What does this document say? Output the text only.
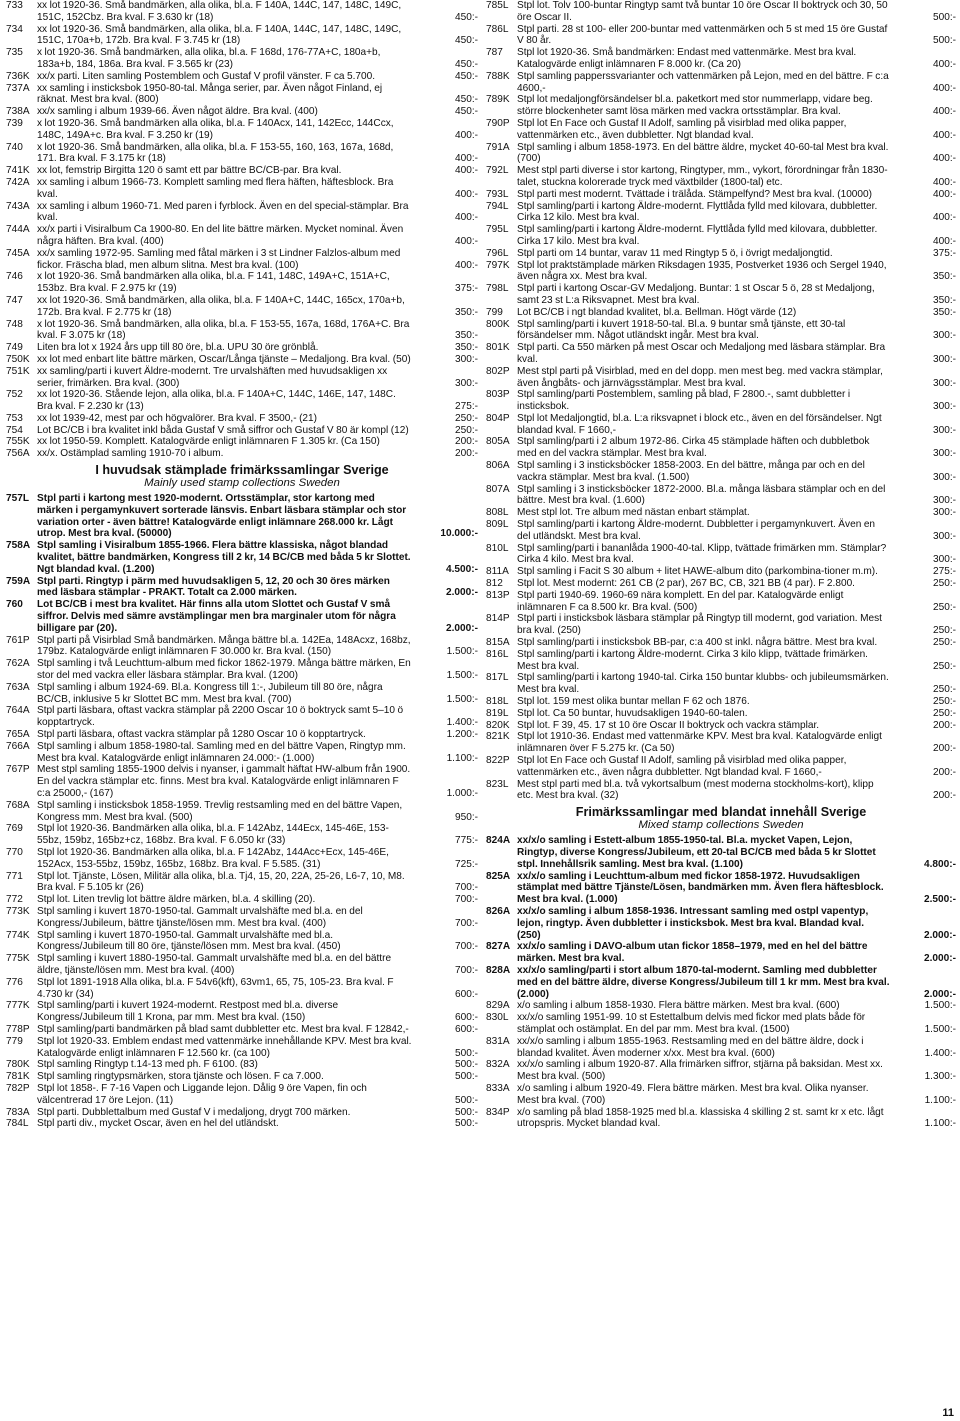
733 xx lot 1920-36. Små bandmärken, alla olika, bl.a. F 140A, 144C, 147, 148C, 149C, 151C, 152Cbz. Bra kval. F 3.630 kr (18)	450:-
734 xx lot 1920-36. Små bandmärken, alla olika, bl.a. F 140A, 144C, 147, 148C, 149C, 151C, 170a+b, 172b. Bra kval. F 3.745 kr (18)	450:-
735 x lot 1920-36. Små bandmärken, alla olika, bl.a. F 168d, 176-77A+C, 180a+b, 183a+b, 184, 186a. Bra kval. F 3.565 kr (23)	450:-
736K xx/x parti. Liten samling Postemblem och Gustaf V profil vänster. F ca 5.700.	450:-
737A xx samling i insticksbok 1950-80-tal. Många serier, par. Även något Finland, ej räknat. Mest bra kval. (800)	450:-
738A xx/x samling i album 1939-66. Även något äldre. Bra kval. (400)	450:-
739 x lot 1920-36. Små bandmärken alla olika, bl.a. F 140Acx, 141, 142Ecc, 144Ccx, 148C, 149A+c. Bra kval. F 3.250 kr (19)	400:-
740 x lot 1920-36. Små bandmärken, alla olika, bl.a. F 153-55, 160, 163, 167a, 168d, 171. Bra kval. F 3.175 kr (18)	400:-
741K xx lot, femstrip Birgitta 120 ö samt ett par bättre BC/CB-par. Bra kval.	400:-
742A xx samling i album 1966-73. Komplett samling med flera häften, häftesblock. Bra kval.	400:-
743A xx samling i album 1960-71. Med paren i fyrblock. Även en del special-stämplar. Bra kval.	400:-
744A xx/x parti i Visiralbum Ca 1900-80. En del lite bättre märken. Mycket nominal. Även några häften. Bra kval. (400)	400:-
745A xx/x samling 1972-95. Samling med fåtal märken i 3 st Lindner Falzlos-album med fickor. Fräscha blad, men album slitna. Mest bra kval. (100)	400:-
746 x lot 1920-36. Små bandmärken alla olika, bl.a. F 141, 148C, 149A+C, 151A+C, 153bz. Bra kval. F 2.975 kr (19)	375:-
747 xx lot 1920-36. Små bandmärken, alla olika, bl.a. F 140A+C, 144C, 165cx, 170a+b, 172b. Bra kval. F 2.775 kr (18)	350:-
748 x lot 1920-36. Små bandmärken, alla olika, bl.a. F 153-55, 167a, 168d, 176A+C. Bra kval. F 3.075 kr (18)	350:-
749 Liten bra lot x 1924 års upp till 80 öre, bl.a. UPU 30 öre grönblå.	350:-
750K xx lot med enbart lite bättre märken, Oscar/Långa tjänste – Medaljong. Bra kval. (50)	300:-
751K xx samling/parti i kuvert Äldre-modernt. Tre urvalshäften med huvudsakligen xx serier, frimärken. Bra kval. (300)	300:-
752 xx lot 1920-36. Stående lejon, alla olika, bl.a. F 140A+C, 144C, 146E, 147, 148C. Bra kval. F 2.230 kr (13)	275:-
753 xx lot 1939-42, mest par och högvalörer. Bra kval. F 3500,- (21)	250:-
754 Lot BC/CB i bra kvalitet inkl båda Gustaf V små siffror och Gustaf V 80 är kompl (12)	250:-
755K xx lot 1950-59. Komplett. Katalogvärde enligt inlämnaren F 1.305 kr. (Ca 150)	200:-
756A xx/x. Ostämplad samling 1910-70 i album.	200:-
I huvudsak stämplade frimärkssamlingar Sverige
Mainly used stamp collections Sweden
757L Stpl parti i kartong mest 1920-modernt. Ortsstämplar, stor kartong med märken i pergamynkuvert sorterade länsvis. Enbart läsbara stämplar och stor variation orter - även bättre! Katalogvärde enligt inlämnare 268.000 kr. Lågt utrop. Mest bra kval. (50000)	10.000:-
758A Stpl samling i Visiralbum 1855-1966. Flera bättre klassiska, något blandad kvalitet, bättre bandmärken, Kongress till 2 kr, 14 BC/CB med båda 5 kr Slottet. Ngt blandad kval. (1.200)	4.500:-
759A Stpl parti. Ringtyp i pärm med huvudsakligen 5, 12, 20 och 30 öres märken med läsbara stämplar - PRAKT. Totalt ca 2.000 märken.	2.000:-
760 Lot BC/CB i mest bra kvalitet. Här finns alla utom Slottet och Gustaf V små siffror. Delvis med sämre avstämplingar men bra marginaler utom för några billigare par (20).	2.000:-
761P Stpl parti på Visirblad Små bandmärken. Många bättre bl.a. 142Ea, 148Acxz, 168bz, 179bz. Katalogvärde enligt inlämnaren F 30.000 kr. Bra kval. (150)	1.500:-
762A Stpl samling i två Leuchttum-album med fickor 1862-1979. Många bättre märken, En stor del med vackra eller läsbara stämplar. Bra kval. (1200)	1.500:-
763A Stpl samling i album 1924-69. Bl.a. Kongress till 1:-, Jubileum till 80 öre, några BC/CB, inklusive 5 kr Slottet BC mm. Mest bra kval. (700)	1.500:-
764A Stpl parti läsbara, oftast vackra stämplar på 2200 Oscar 10 ö boktryck samt 5–10 ö kopptartryck.	1.400:-
765A Stpl parti läsbara, oftast vackra stämplar på 1280 Oscar 10 ö kopptartryck.	1.200:-
766A Stpl samling i album 1858-1980-tal. Samling med en del bättre Vapen, Ringtyp mm. Mest bra kval. Katalogvärde enligt inlämnaren 24.000:- (1.000)	1.100:-
767P Mest stpl samling 1855-1900 delvis i nyanser, i gammalt häftat HW-album från 1900. En del vackra stämplar etc. finns. Mest bra kval. Katalogvärde enligt inlämnaren F c:a 25000,- (167)	1.000:-
768A Stpl samling i insticksbok 1858-1959. Trevlig restsamling med en del bättre Vapen, Kongress mm. Mest bra kval. (500)	950:-
769 Stpl lot 1920-36. Bandmärken alla olika, bl.a. F 142Abz, 144Ecx, 145-46E, 153-55bz, 159bz, 165bz+cz, 168bz. Bra kval. F 6.050 kr (33)	775:-
770 Stpl lot 1920-36. Bandmärken alla olika, bl.a. F 142Abz, 144Acc+Ecx, 145-46E, 152Acx, 153-55bz, 159bz, 165bz, 168bz. Bra kval. F 5.585. (31)	725:-
771 Stpl lot. Tjänste, Lösen, Militär alla olika, bl.a. Tj4, 15, 20, 22A, 25-26, L6-7, 10, M8. Bra kval. F 5.105 kr (26)	700:-
772 Stpl lot. Liten trevlig lot bättre äldre märken, bl.a. 4 skilling (20).	700:-
773K Stpl samling i kuvert 1870-1950-tal. Gammalt urvalshäfte med bl.a. en del Kongress/Jubileum, bättre tjänste/lösen mm. Mest bra kval. (400)	700:-
774K Stpl samling i kuvert 1870-1950-tal. Gammalt urvalshäfte med bl.a. Kongress/Jubileum till 80 öre, tjänste/lösen mm. Mest bra kval. (450)	700:-
775K Stpl samling i kuvert 1880-1950-tal. Gammalt urvalshäfte med bl.a. en del bättre äldre, tjänste/lösen mm. Mest bra kval. (400)	700:-
776 Stpl lot 1891-1918 Alla olika, bl.a. F 54v6(kft), 63vm1, 65, 75, 105-23. Bra kval. F 4.730 kr (34)	600:-
777K Stpl samling/parti i kuvert 1924-modernt. Restpost med bl.a. diverse Kongress/Jubileum till 1 Krona, par mm. Mest bra kval. (150)	600:-
778P Stpl samling/parti bandmärken på blad samt dubbletter etc. Mest bra kval. F 12842,-	600:-
779 Stpl lot 1920-33. Emblem endast med vattenmärke innehållande KPV. Mest bra kval. Katalogvärde enligt inlämnaren F 12.560 kr. (ca 100)	500:-
780K Stpl samling Ringtyp t.14-13 med ph. F 6100. (83)	500:-
781K Stpl samling ringtypsmärken, stora tjänste och lösen. F ca 7.000.	500:-
782P Stpl lot 1858-. F 7-16 Vapen och Liggande lejon. Dålig 9 öre Vapen, fin och välcentrerad 17 öre Lejon. (11)	500:-
783A Stpl parti. Dubblettalbum med Gustaf V i medaljong, drygt 700 märken.	500:-
784L Stpl parti div., mycket Oscar, även en hel del utländskt.	500:-
785L Stpl lot. Tolv 100-buntar Ringtyp samt två buntar 10 öre Oscar II boktryck och 30, 50 öre Oscar II.	500:-
786L Stpl parti. 28 st 100- eller 200-buntar med vattenmärken och 5 st med 15 öre Gustaf V 80 år.	500:-
787 Stpl lot 1920-36. Små bandmärken: Endast med vattenmärke. Mest bra kval. Katalogvärde enligt inlämnaren F 8.000 kr. (Ca 20)	400:-
788K Stpl samling papperssvarianter och vattenmärken på Lejon, med en del bättre. F c:a 4600,-	400:-
789K Stpl lot medaljongförsändelser bl.a. paketkort med stor nummerlapp, vidare beg. större blockenheter samt lösa märken med vackra ortsstämplar. Bra kval.	400:-
790P Stpl lot En Face och Gustaf II Adolf, samling på visirblad med olika papper, vattenmärken etc., även dubbletter. Ngt blandad kval.	400:-
791A Stpl samling i album 1858-1973. En del bättre äldre, mycket 40-60-tal Mest bra kval. (700)	400:-
792L Mest stpl parti diverse i stor kartong, Ringtyper, mm., vykort, förordningar från 1830-talet, stuckna kolorerade tryck med växtbilder (1800-tal) etc.	400:-
793L Stpl parti mest modernt. Tvättade i trälåda. Stämpelfynd? Mest bra kval. (10000)	400:-
794L Stpl samling/parti i kartong Äldre-modernt. Flyttlåda fylld med kilovara, dubbletter. Cirka 12 kilo. Mest bra kval.	400:-
795L Stpl samling/parti i kartong Äldre-modernt. Flyttlåda fylld med kilovara, dubbletter. Cirka 17 kilo. Mest bra kval.	400:-
796L Stpl parti om 14 buntar, varav 11 med Ringtyp 5 ö, i övrigt medaljongtid.	375:-
797K Stpl lot praktstämplade märken Riksdagen 1935, Postverket 1936 och Sergel 1940, även några xx. Mest bra kval.	350:-
798L Stpl parti i kartong Oscar-GV Medaljong. Buntar: 1 st Oscar 5 ö, 28 st Medaljong, samt 23 st L:a Riksvapnet. Mest bra kval.	350:-
799 Lot BC/CB i ngt blandad kvalitet, bl.a. Bellman. Högt värde (12)	350:-
800K Stpl samling/parti i kuvert 1918-50-tal. Bl.a. 9 buntar små tjänste, ett 30-tal försändelser mm. Något utländskt ingår. Mest bra kval.	300:-
801K Stpl parti. Ca 550 märken på mest Oscar och Medaljong med läsbara stämplar. Bra kval.	300:-
802P Mest stpl parti på Visirblad, med en del dopp. men mest beg. med vackra stämplar, även ångbåts- och järnvägsstämplar. Mest bra kval.	300:-
803P Stpl samling/parti Postemblem, samling på blad, F 2800.-, samt dubbletter i insticksbok.	300:-
804P Stpl lot Medaljongtid, bl.a. L:a riksvapnet i block etc., även en del försändelser. Ngt blandad kval. F 1660,-	300:-
805A Stpl samling/parti i 2 album 1972-86. Cirka 45 stämplade häften och dubbletbok med en del vackra stämplar. Mest bra kval.	300:-
806A Stpl samling i 3 insticksböcker 1858-2003. En del bättre, många par och en del vackra stämplar. Mest bra kval. (1.500)	300:-
807A Stpl samling i 3 insticksböcker 1872-2000. Bl.a. många läsbara stämplar och en del bättre. Mest bra kval. (1.600)	300:-
808L Mest stpl lot. Tre album med nästan enbart stämplat.	300:-
809L Stpl samling/parti i kartong Äldre-modernt. Dubbletter i pergamynkuvert. Även en del utländskt. Mest bra kval.	300:-
810L Stpl samling/parti i bananlåda 1900-40-tal. Klipp, tvättade frimärken mm. Stämplar? Cirka 4 kilo. Mest bra kval.	300:-
811A Stpl samling i Facit S 30 album + litet HAWE-album dito (parkombina-tioner m.m).	275:-
812 Stpl lot. Mest modernt: 261 CB (2 par), 267 BC, CB, 321 BB (4 par). F 2.800.	250:-
813P Stpl parti 1940-69. 1960-69 nära komplett. En del par. Katalogvärde enligt inlämnaren F ca 8.500 kr. Bra kval. (500)	250:-
814P Stpl parti i insticksbok läsbara stämplar på Ringtyp till modernt, god variation. Mest bra kval. (250)	250:-
815A Stpl samling/parti i insticksbok BB-par, c:a 400 st inkl. några bättre. Mest bra kval.	250:-
816L Stpl samling/parti i kartong Äldre-modernt. Cirka 3 kilo klipp, tvättade frimärken. Mest bra kval.	250:-
817L Stpl samling/parti i kartong 1940-tal. Cirka 150 buntar klubbs- och jubileumsmärken. Mest bra kval.	250:-
818L Stpl lot. 159 mest olika buntar mellan F 62 och 1876.	250:-
819L Stpl lot. Ca 50 buntar, huvudsakligen 1940-60-talen.	250:-
820K Stpl lot. F 39, 45. 17 st 10 öre Oscar II boktryck och vackra stämplar.	200:-
821K Stpl lot 1910-36. Endast med vattenmärke KPV. Mest bra kval. Katalogvärde enligt inlämnaren över F 5.275 kr. (Ca 50)	200:-
822P Stpl lot En Face och Gustaf II Adolf, samling på visirblad med olika papper, vattenmärken etc., även några dubbletter. Ngt blandad kval. F 1660,-	200:-
823L Mest stpl parti med bl.a. två vykortsalbum (mest moderna stockholms-kort), klipp etc. Mest bra kval. (32)	200:-
Frimärkssamlingar med blandat innehåll Sverige
Mixed stamp collections Sweden
824A xx/x/o samling i Estett-album 1855-1950-tal. Bl.a. mycket Vapen, Lejon, Ringtyp, diverse Kongress/Jubileum, ett 20-tal BC/CB med båda 5 kr Slottet stpl. Innehållsrik samling. Mest bra kval. (1.100)	4.800:-
825A xx/x/o samling i Leuchttum-album med fickor 1858-1972. Huvudsakligen stämplat med bättre Tjänste/Lösen, bandmärken mm. Även flera häftesblock. Mest bra kval. (1.000)	2.500:-
826A xx/x/o samling i album 1858-1936. Intressant samling med ostpl vapentyp, lejon, ringtyp. Även dubbletter i insticksbok. Mest bra kval. Blandad kval. (250)	2.000:-
827A xx/x/o samling i DAVO-album utan fickor 1858–1979, med en hel del bättre märken. Mest bra kval.	2.000:-
828A xx/x/o samling/parti i stort album 1870-tal-modernt. Samling med dubbletter med en del bättre äldre, diverse Kongress/Jubileum till 1 kr mm. Mest bra kval. (2.000)	2.000:-
829A x/o samling i album 1858-1930. Flera bättre märken. Mest bra kval. (600)	1.500:-
830L xx/x/o samling 1951-99. 10 st Estettalbum delvis med fickor med plats både för stämplat och ostämplat. En del par mm. Mest bra kval. (1500)	1.500:-
831A xx/x/o samling i album 1855-1963. Restsamling med en del bättre äldre, dock i blandad kvalitet. Även moderner x/xx. Mest bra kval. (600)	1.400:-
832A xx/x/o samling i album 1920-87. Alla frimärken siffror, stjärna på baksidan. Mest xx. Mest bra kval. (500)	1.300:-
833A x/o samling i album 1920-49. Flera bättre märken. Mest bra kval. Olika nyanser. Mest bra kval. (700)	1.100:-
834P x/o samling på blad 1858-1925 med bl.a. klassiska 4 skilling 2 st. samt kr x etc. lågt utropspris. Mycket blandad kval.	1.100:-
11
